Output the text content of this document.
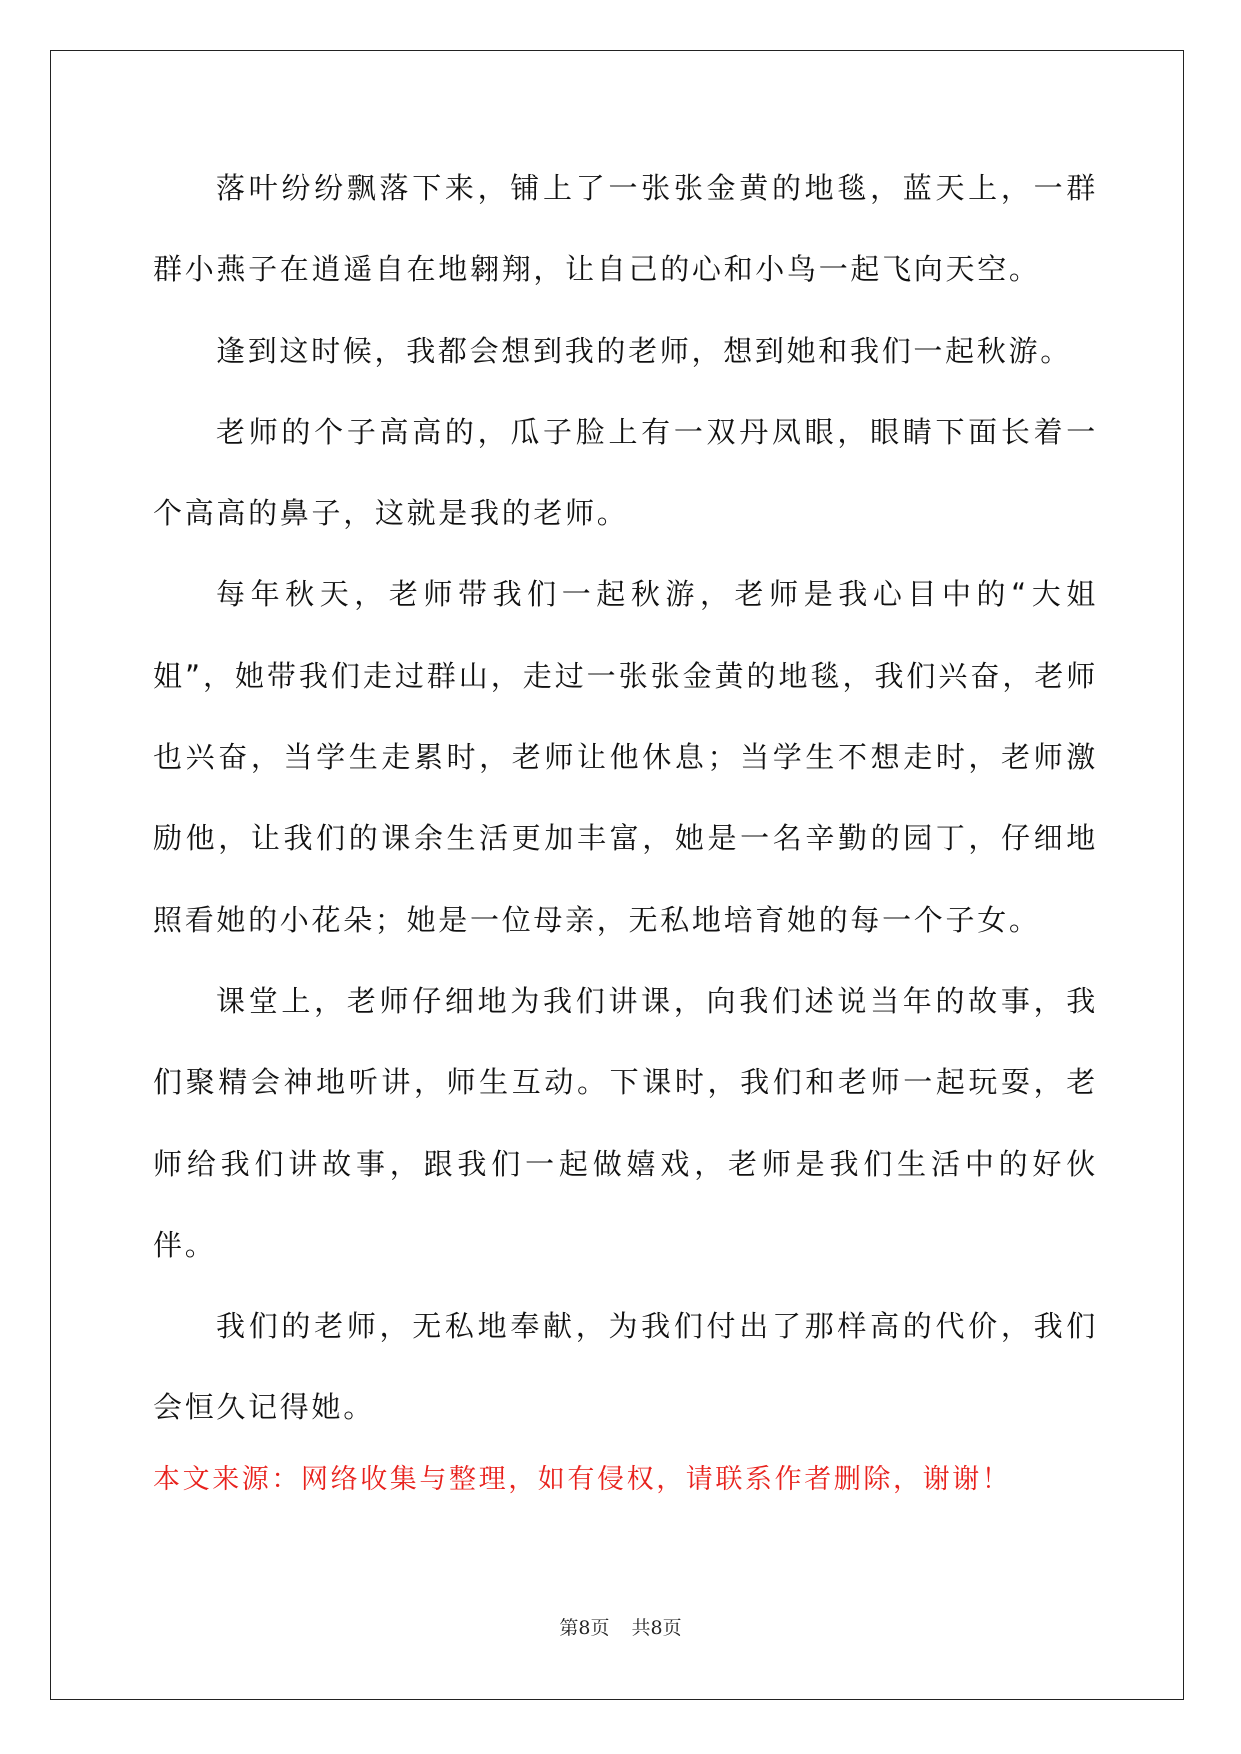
落叶纷纷飘落下来，铺上了一张张金黄的地毯，蓝天上，一群群小燕子在逍遥自在地翱翔，让自己的心和小鸟一起飞向天空。

逢到这时候，我都会想到我的老师，想到她和我们一起秋游。

老师的个子高高的，瓜子脸上有一双丹凤眼，眼睛下面长着一个高高的鼻子，这就是我的老师。

每年秋天，老师带我们一起秋游，老师是我心目中的“大姐姐”，她带我们走过群山，走过一张张金黄的地毯，我们兴奋，老师也兴奋，当学生走累时，老师让他休息；当学生不想走时，老师激励他，让我们的课余生活更加丰富，她是一名辛勤的园丁，仔细地照看她的小花朵；她是一位母亲，无私地培育她的每一个子女。

课堂上，老师仔细地为我们讲课，向我们述说当年的故事，我们聚精会神地听讲，师生互动。下课时，我们和老师一起玩耍，老师给我们讲故事，跟我们一起做嬉戏，老师是我们生活中的好伙伴。

我们的老师，无私地奉献，为我们付出了那样高的代价，我们会恒久记得她。

本文来源：网络收集与整理，如有侵权，请联系作者删除，谢谢！

第8页 共8页
